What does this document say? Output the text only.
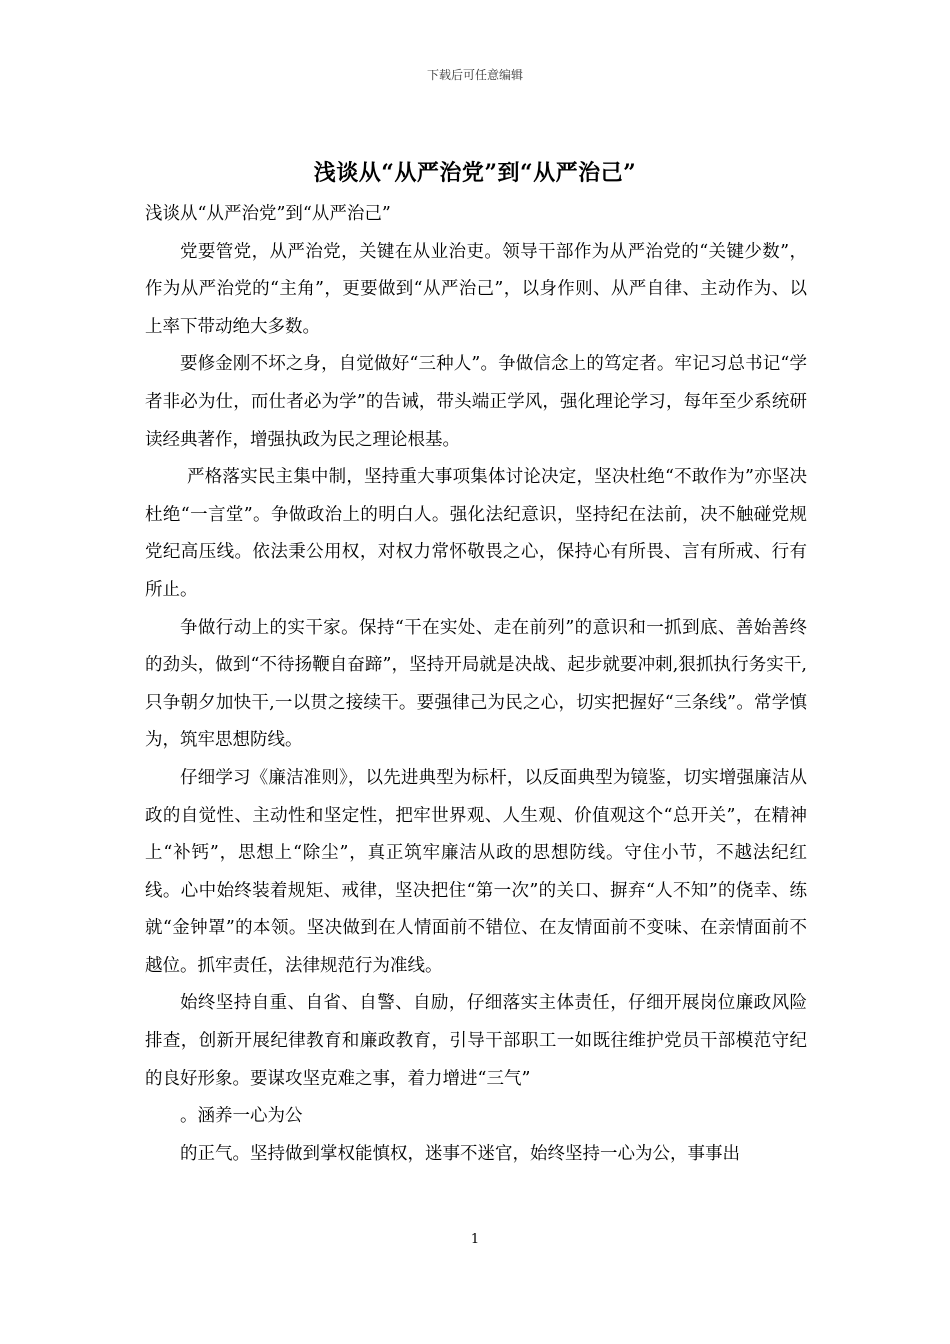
下载后可任意编辑
浅谈从“从严治党”到“从严治己”

浅谈从“从严治党”到“从严治己”

党要管党，从严治党，关键在从业治吏。领导干部作为从严治党的“关键少数”，作为从严治党的“主角”，更要做到“从严治己”，以身作则、从严自律、主动作为、以上率下带动绝大多数。

要修金刚不坏之身，自觉做好“三种人”。争做信念上的笃定者。牢记习总书记“学者非必为仕，而仕者必为学”的告诫，带头端正学风，强化理论学习，每年至少系统研读经典著作，增强执政为民之理论根基。

严格落实民主集中制，坚持重大事项集体讨论决定，坚决杜绝“不敢作为”亦坚决杜绝“一言堂”。争做政治上的明白人。强化法纪意识，坚持纪在法前，决不触碰党规党纪高压线。依法秉公用权，对权力常怀敬畏之心，保持心有所畏、言有所戒、行有所止。

争做行动上的实干家。保持“干在实处、走在前列”的意识和一抓到底、善始善终的劲头，做到“不待扬鞭自奋蹄”，坚持开局就是决战、起步就要冲刺,狠抓执行务实干,只争朝夕加快干,一以贯之接续干。要强律己为民之心，切实把握好“三条线”。常学慎为，筑牢思想防线。

仔细学习《廉洁准则》，以先进典型为标杆，以反面典型为镜鉴，切实增强廉洁从政的自觉性、主动性和坚定性，把牢世界观、人生观、价值观这个“总开关”，在精神上“补钙”，思想上“除尘”，真正筑牢廉洁从政的思想防线。守住小节，不越法纪红线。心中始终装着规矩、戒律，坚决把住“第一次”的关口、摒弃“人不知”的侥幸、练就“金钟罩”的本领。坚决做到在人情面前不错位、在友情面前不变味、在亲情面前不越位。抓牢责任，法律规范行为准线。

始终坚持自重、自省、自警、自励，仔细落实主体责任，仔细开展岗位廉政风险排查，创新开展纪律教育和廉政教育，引导干部职工一如既往维护党员干部模范守纪的良好形象。要谋攻坚克难之事，着力增进“三气”

。涵养一心为公

的正气。坚持做到掌权能慎权，迷事不迷官，始终坚持一心为公，事事出

1
